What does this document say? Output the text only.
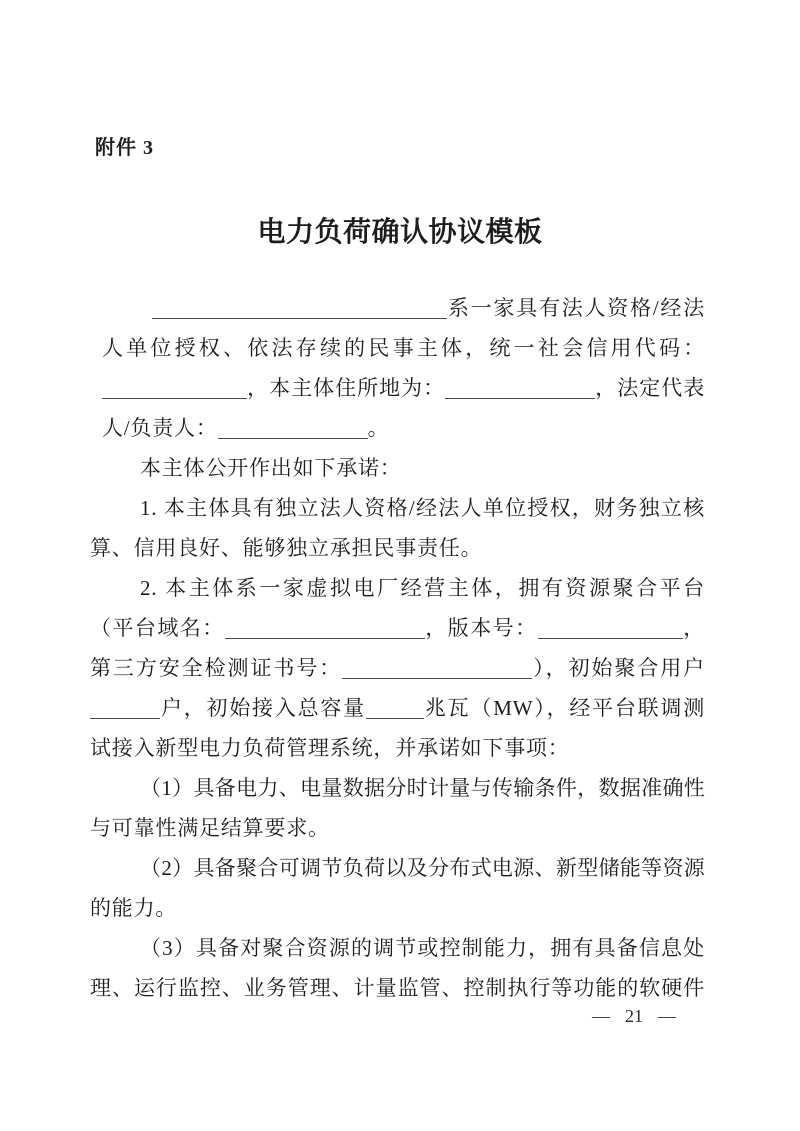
附件 3
电力负荷确认协议模板
系一家具有法人资格/经法
人单位授权、依法存续的民事主体，统一社会信用代码：
，本主体住所地为：	，法定代表
人/负责人：	。
本主体公开作出如下承诺：
1. 本主体具有独立法人资格/经法人单位授权，财务独立核
算、信用良好、能够独立承担民事责任。
2. 本主体系一家虚拟电厂经营主体，拥有资源聚合平台
（平台域名：	，版本号：	，
第三方安全检测证书号：	），初始聚合用户
户，初始接入总容量	兆瓦（MW），经平台联调测
试接入新型电力负荷管理系统，并承诺如下事项：
（1）具备电力、电量数据分时计量与传输条件，数据准确性
与可靠性满足结算要求。
（2）具备聚合可调节负荷以及分布式电源、新型储能等资源
的能力。
（3）具备对聚合资源的调节或控制能力，拥有具备信息处
理、运行监控、业务管理、计量监管、控制执行等功能的软硬件
— 21 —
